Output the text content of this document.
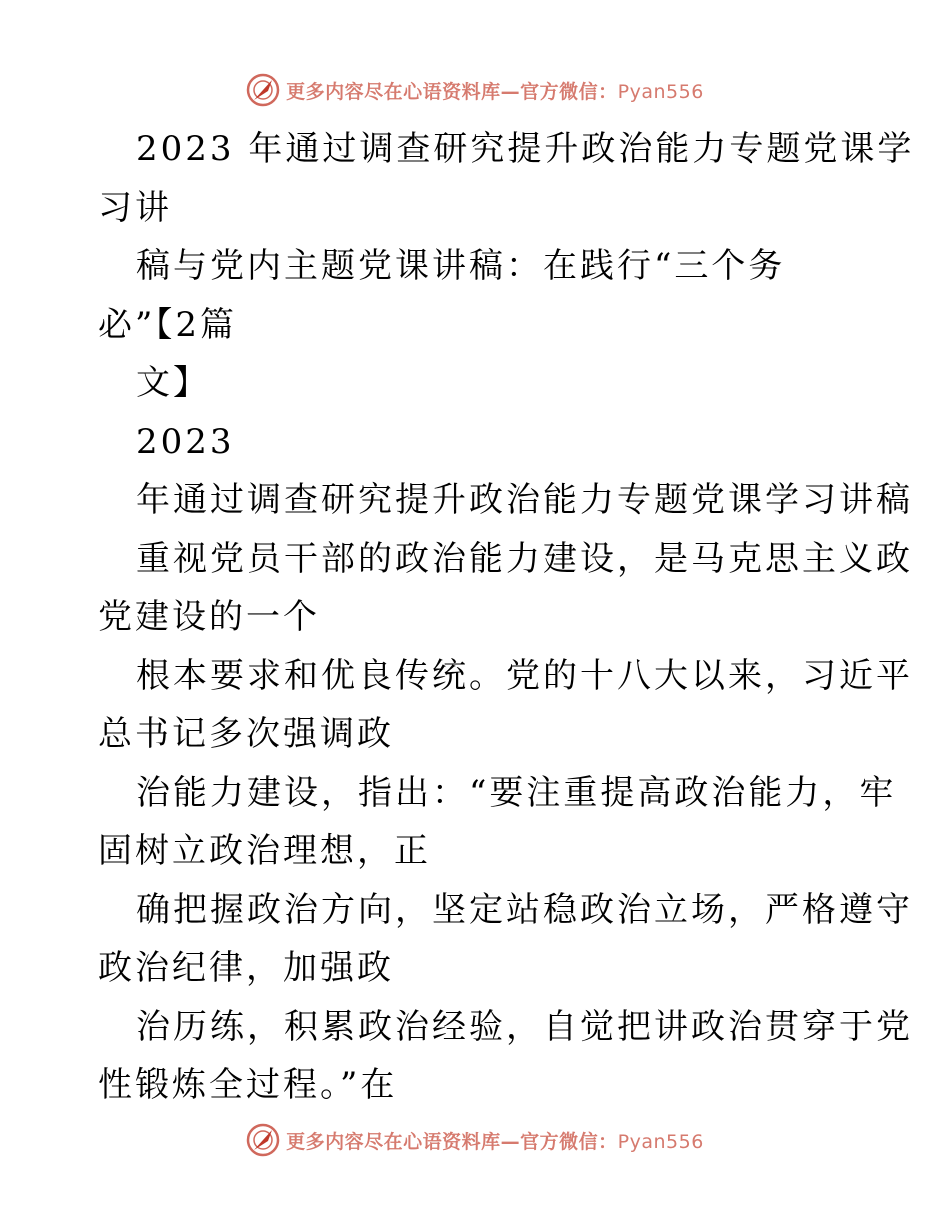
更多内容尽在心语资料库—官方微信：Pyan556
2023 年通过调查研究提升政治能力专题党课学
习讲
稿与党内主题党课讲稿：在践行“三个务
必”【2篇
文】
2023
年通过调查研究提升政治能力专题党课学习讲稿
重视党员干部的政治能力建设，是马克思主义政
党建设的一个
根本要求和优良传统。党的十八大以来，习近平
总书记多次强调政
治能力建设，指出：“要注重提高政治能力，牢
固树立政治理想，正
确把握政治方向，坚定站稳政治立场，严格遵守
政治纪律，加强政
治历练，积累政治经验，自觉把讲政治贯穿于党
性锻炼全过程。”在
更多内容尽在心语资料库—官方微信：Pyan556
